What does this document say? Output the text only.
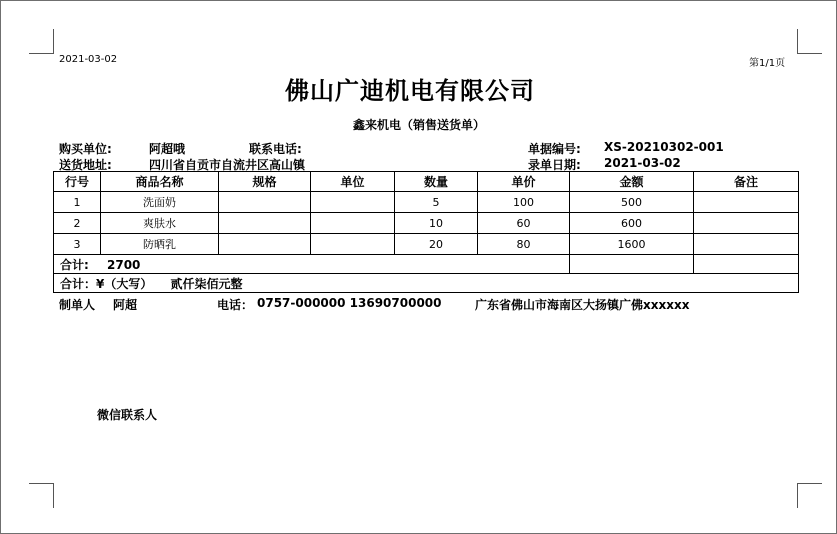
2021-03-02	第1/1页
佛山广迪机电有限公司
鑫来机电（销售送货单）
购买单位:	阿超哦	联系电话:	单据编号: XS-20210302-001
送货地址:	四川省自贡市自流井区高山镇	录单日期: 2021-03-02
行号	商品名称	规格	单位	数量	单价	金额	备注
1	洗面奶			5	100	500	
2	爽肤水			10	60	600	
3	防晒乳			20	80	1600	
合计: 2700							
合计：¥（大写） 贰仟柒佰元整							
制单人 阿超	电话： 0757-000000 13690700000	广东省佛山市海南区大扬镇广佛xxxxxx
微信联系人
